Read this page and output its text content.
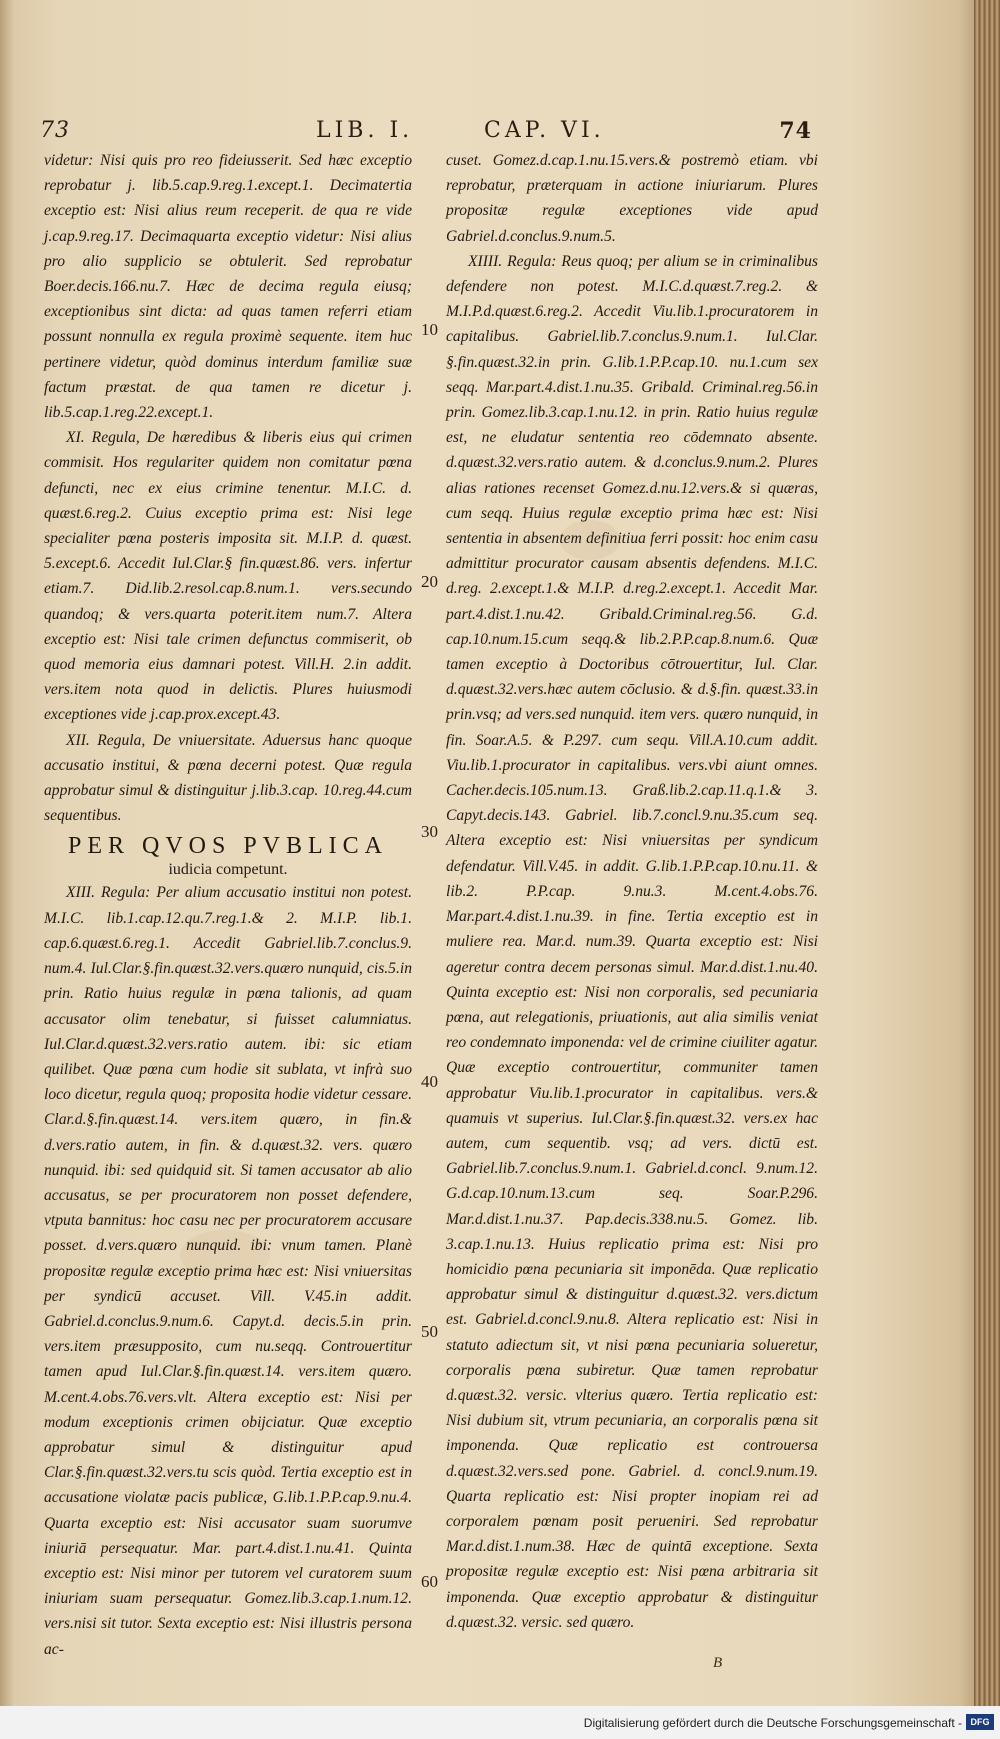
73	LIB. I.	CAP. VI.	74

videtur: Nisi quis pro reo fideiusserit. Sed hæc exceptio reprobatur j. lib.5.cap.9.reg.1.except.1. Decimatertia exceptio est: Nisi alius reum receperit. de qua re vide j.cap.9.reg.17. Decimaquarta exceptio videtur: Nisi alius pro alio supplicio se obtulerit. Sed reprobatur Boer.decis.166.nu.7. Hæc de decima regula eiusq; exceptionibus sint dicta: ad quas tamen referri etiam possunt nonnulla ex regula proximè sequente. item huc pertinere videtur, quòd dominus interdum familiæ suæ factum præstat. de qua tamen re dicetur j. lib.5.cap.1.reg.22.except.1.

XI. Regula, De hæredibus & liberis eius qui crimen commisit. Hos regulariter quidem non comitatur pœna defuncti, nec ex eius crimine tenentur. M.I.C. d. quæst.6.reg.2. Cuius exceptio prima est: Nisi lege specialiter pœna posteris imposita sit. M.I.P. d. quæst. 5.except.6. Accedit Iul.Clar.§ fin.quæst.86. vers. infertur etiam.7. Did.lib.2.resol.cap.8.num.1. vers.secundo quandoq; & vers.quarta poterit.item num.7. Altera exceptio est: Nisi tale crimen defunctus commiserit, ob quod memoria eius damnari potest. Vill.H. 2.in addit. vers.item nota quod in delictis. Plures huiusmodi exceptiones vide j.cap.prox.except.43.

XII. Regula, De vniuersitate. Aduersus hanc quoque accusatio institui, & pœna decerni potest. Quæ regula approbatur simul & distinguitur j.lib.3.cap. 10.reg.44.cum sequentibus.

PER QVOS PVBLICA
iudicia competunt.

XIII. Regula: Per alium accusatio institui non potest. M.I.C. lib.1.cap.12.qu.7.reg.1.& 2. M.I.P. lib.1. cap.6.quæst.6.reg.1. Accedit Gabriel.lib.7.conclus.9. num.4. Iul.Clar.§.fin.quæst.32.vers.quæro nunquid, cis.5.in prin. Ratio huius regulæ in pœna talionis, ad quam accusator olim tenebatur, si fuisset calumniatus. Iul.Clar.d.quæst.32.vers.ratio autem. ibi: sic etiam quilibet. Quæ pœna cum hodie sit sublata, vt infrà suo loco dicetur, regula quoq; proposita hodie videtur cessare. Clar.d.§.fin.quæst.14. vers.item quæro, in fin.& d.vers.ratio autem, in fin. & d.quæst.32. vers. quæro nunquid. ibi: sed quidquid sit. Si tamen accusator ab alio accusatus, se per procuratorem non posset defendere, vtputa bannitus: hoc casu nec per procuratorem accusare posset. d.vers.quæro nunquid. ibi: vnum tamen. Planè propositæ regulæ exceptio prima hæc est: Nisi vniuersitas per syndicū accuset. Vill. V.45.in addit. Gabriel.d.conclus.9.num.6. Capyt.d. decis.5.in prin. vers.item præsupposito, cum nu.seqq. Controuertitur tamen apud Iul.Clar.§.fin.quæst.14. vers.item quæro. M.cent.4.obs.76.vers.vlt. Altera exceptio est: Nisi per modum exceptionis crimen obijciatur. Quæ exceptio approbatur simul & distinguitur apud Clar.§.fin.quæst.32.vers.tu scis quòd. Tertia exceptio est in accusatione violatæ pacis publicæ, G.lib.1.P.P.cap.9.nu.4. Quarta exceptio est: Nisi accusator suam suorumve iniuriā persequatur. Mar. part.4.dist.1.nu.41. Quinta exceptio est: Nisi minor per tutorem vel curatorem suum iniuriam suam persequatur. Gomez.lib.3.cap.1.num.12. vers.nisi sit tutor. Sexta exceptio est: Nisi illustris persona ac-

10
20
30
40
50
60

cuset. Gomez.d.cap.1.nu.15.vers.& postremò etiam. vbi reprobatur, præterquam in actione iniuriarum. Plures propositæ regulæ exceptiones vide apud Gabriel.d.conclus.9.num.5.

XIIII. Regula: Reus quoq; per alium se in criminalibus defendere non potest. M.I.C.d.quæst.7.reg.2. & M.I.P.d.quæst.6.reg.2. Accedit Viu.lib.1.procuratorem in capitalibus. Gabriel.lib.7.conclus.9.num.1. Iul.Clar. §.fin.quæst.32.in prin. G.lib.1.P.P.cap.10. nu.1.cum sex seqq. Mar.part.4.dist.1.nu.35. Gribald. Criminal.reg.56.in prin. Gomez.lib.3.cap.1.nu.12. in prin. Ratio huius regulæ est, ne eludatur sententia reo cōdemnato absente. d.quæst.32.vers.ratio autem. & d.conclus.9.num.2. Plures alias rationes recenset Gomez.d.nu.12.vers.& si quæras, cum seqq. Huius regulæ exceptio prima hæc est: Nisi sententia in absentem definitiua ferri possit: hoc enim casu admittitur procurator causam absentis defendens. M.I.C. d.reg. 2.except.1.& M.I.P. d.reg.2.except.1. Accedit Mar. part.4.dist.1.nu.42. Gribald.Criminal.reg.56. G.d. cap.10.num.15.cum seqq.& lib.2.P.P.cap.8.num.6. Quæ tamen exceptio à Doctoribus cōtrouertitur, Iul. Clar. d.quæst.32.vers.hæc autem cōclusio. & d.§.fin. quæst.33.in prin.vsq; ad vers.sed nunquid. item vers. quæro nunquid, in fin. Soar.A.5. & P.297. cum sequ. Vill.A.10.cum addit. Viu.lib.1.procurator in capitalibus. vers.vbi aiunt omnes. Cacher.decis.105.num.13. Graß.lib.2.cap.11.q.1.& 3. Capyt.decis.143. Gabriel. lib.7.concl.9.nu.35.cum seq. Altera exceptio est: Nisi vniuersitas per syndicum defendatur. Vill.V.45. in addit. G.lib.1.P.P.cap.10.nu.11. & lib.2. P.P.cap. 9.nu.3. M.cent.4.obs.76. Mar.part.4.dist.1.nu.39. in fine. Tertia exceptio est in muliere rea. Mar.d. num.39. Quarta exceptio est: Nisi ageretur contra decem personas simul. Mar.d.dist.1.nu.40. Quinta exceptio est: Nisi non corporalis, sed pecuniaria pœna, aut relegationis, priuationis, aut alia similis veniat reo condemnato imponenda: vel de crimine ciuiliter agatur. Quæ exceptio controuertitur, communiter tamen approbatur Viu.lib.1.procurator in capitalibus. vers.& quamuis vt superius. Iul.Clar.§.fin.quæst.32. vers.ex hac autem, cum sequentib. vsq; ad vers. dictū est. Gabriel.lib.7.conclus.9.num.1. Gabriel.d.concl. 9.num.12. G.d.cap.10.num.13.cum seq. Soar.P.296. Mar.d.dist.1.nu.37. Pap.decis.338.nu.5. Gomez. lib. 3.cap.1.nu.13. Huius replicatio prima est: Nisi pro homicidio pœna pecuniaria sit imponēda. Quæ replicatio approbatur simul & distinguitur d.quæst.32. vers.dictum est. Gabriel.d.concl.9.nu.8. Altera replicatio est: Nisi in statuto adiectum sit, vt nisi pœna pecuniaria solueretur, corporalis pœna subiretur. Quæ tamen reprobatur d.quæst.32. versic. vlterius quæro. Tertia replicatio est: Nisi dubium sit, vtrum pecuniaria, an corporalis pœna sit imponenda. Quæ replicatio est controuersa d.quæst.32.vers.sed pone. Gabriel. d. concl.9.num.19. Quarta replicatio est: Nisi propter inopiam rei ad corporalem pœnam posit perueniri. Sed reprobatur Mar.d.dist.1.num.38. Hæc de quintā exceptione. Sexta propositæ regulæ exceptio est: Nisi pœna arbitraria sit imponenda. Quæ exceptio approbatur & distinguitur d.quæst.32. versic. sed quæro.

B
Digitalisierung gefördert durch die Deutsche Forschungsgemeinschaft - DFG
